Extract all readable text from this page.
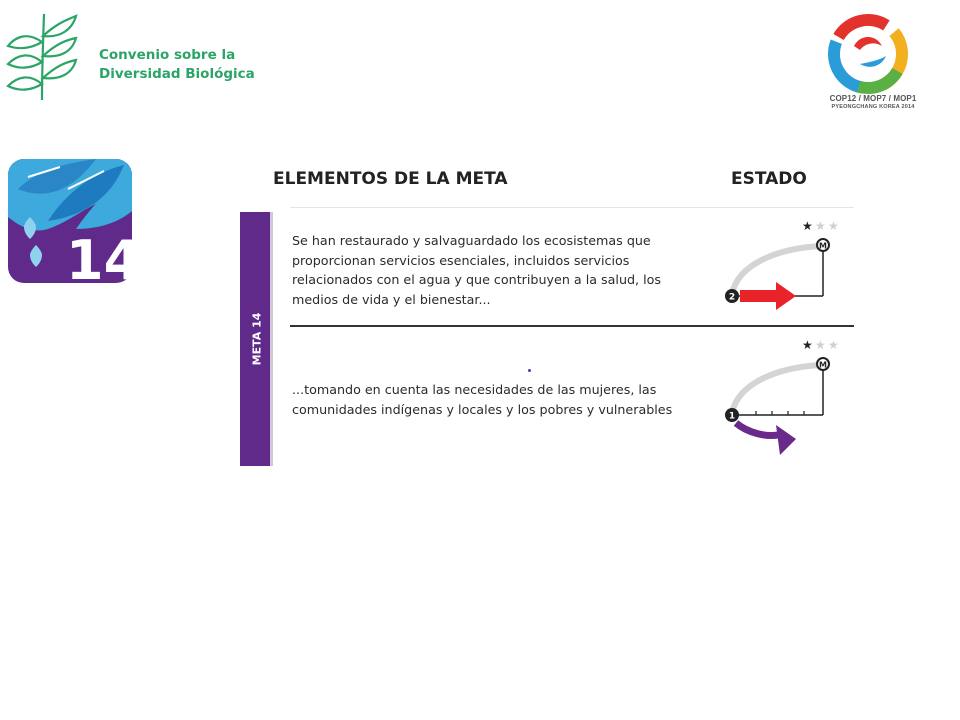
Convenio sobre la
Diversidad Biológica
COP12 / MOP7 / MOP1
PYEONGCHANG KOREA 2014
14
ELEMENTOS DE LA META	ESTADO
META 14
Se han restaurado y salvaguardado los ecosistemas que
proporcionan servicios esenciales, incluidos servicios
relacionados con el agua y que contribuyen a la salud, los
medios de vida y el bienestar...
★ ★ ★
M
2
...tomando en cuenta las necesidades de las mujeres, las
comunidades indígenas y locales y los pobres y vulnerables
★ ★ ★
M
1
